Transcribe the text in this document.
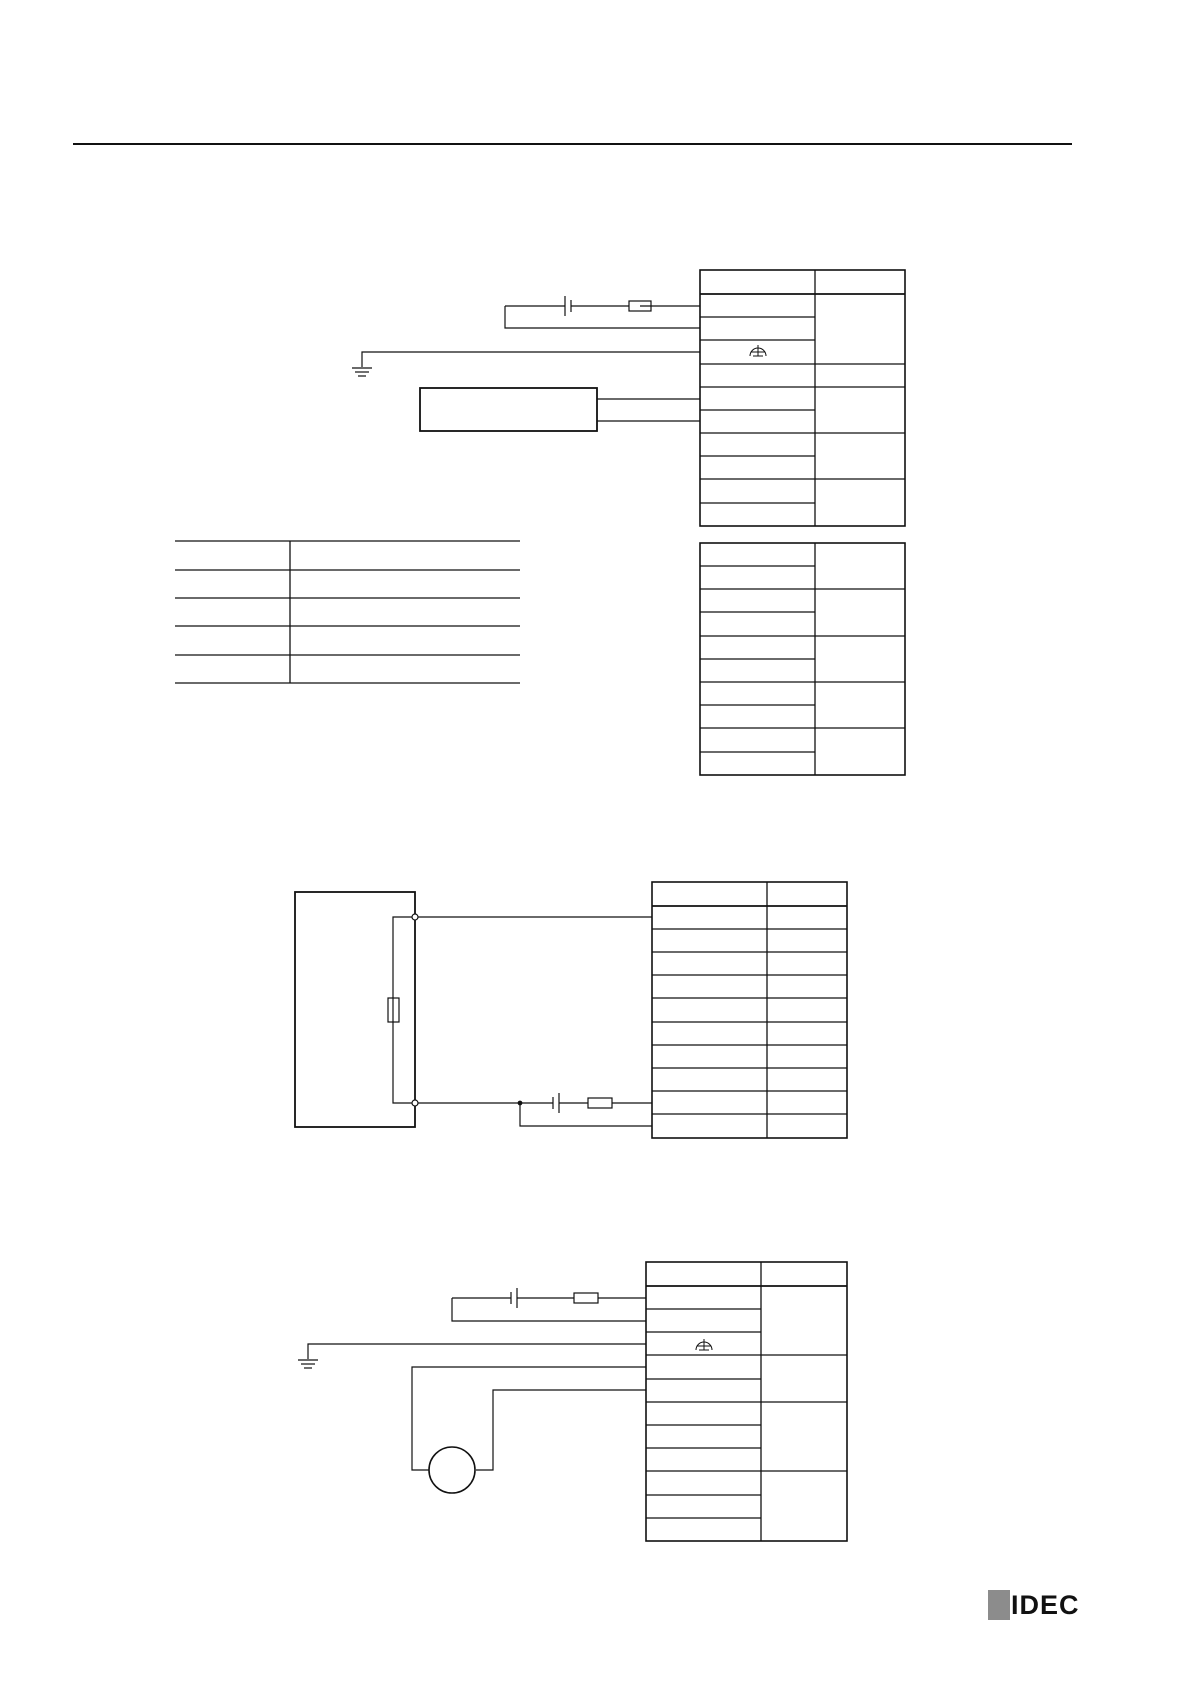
IDEC
